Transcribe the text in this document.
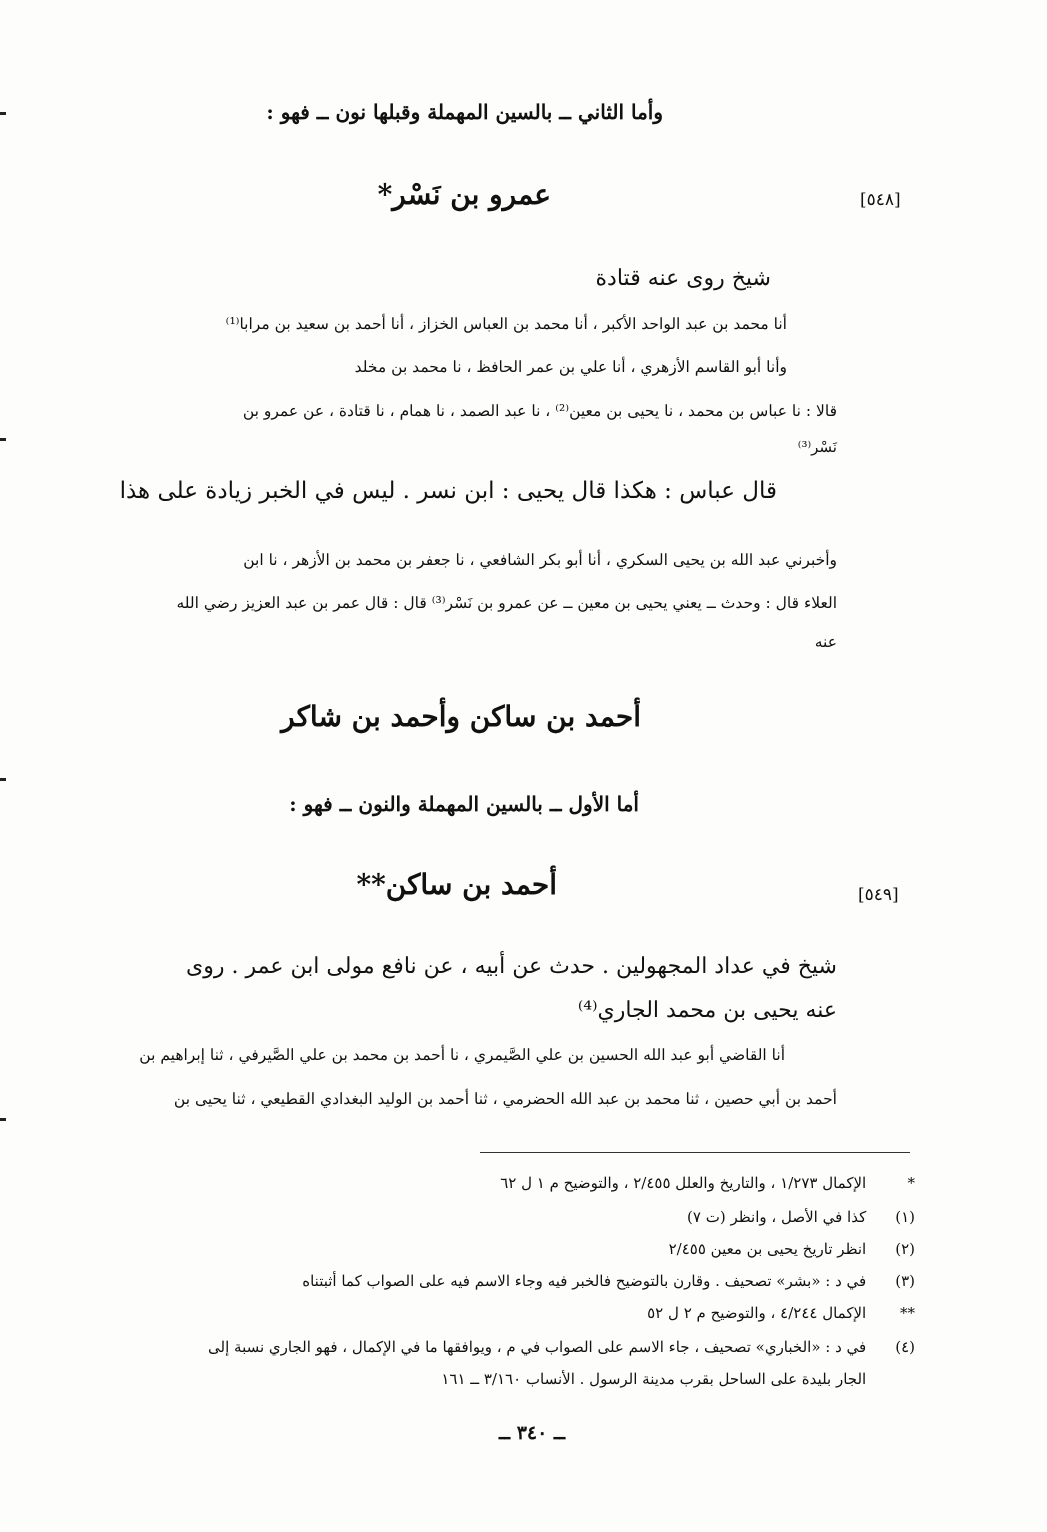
وأما الثاني ــ بالسين المهملة وقبلها نون ــ فهو :
[٥٤٨]
عمرو بن نَسْر*
شيخ روى عنه قتادة
أنا محمد بن عبد الواحد الأكبر ، أنا محمد بن العباس الخزاز ، أنا أحمد بن سعيد بن مرابا⁽¹⁾
وأنا أبو القاسم الأزهري ، أنا علي بن عمر الحافظ ، نا محمد بن مخلد
قالا : نا عباس بن محمد ، نا يحيى بن معين⁽²⁾ ، نا عبد الصمد ، نا همام ، نا قتادة ، عن عمرو بن
نَسْر⁽³⁾
قال عباس : هكذا قال يحيى : ابن نسر . ليس في الخبر زيادة على هذا
وأخبرني عبد الله بن يحيى السكري ، أنا أبو بكر الشافعي ، نا جعفر بن محمد بن الأزهر ، نا ابن
العلاء قال : وحدث ــ يعني يحيى بن معين ــ عن عمرو بن نَسْر⁽³⁾ قال : قال عمر بن عبد العزيز رضي الله
عنه
أحمد بن ساكن وأحمد بن شاكر
أما الأول ــ بالسين المهملة والنون ــ فهو :
[٥٤٩]
أحمد بن ساكن**
شيخ في عداد المجهولين . حدث عن أبيه ، عن نافع مولى ابن عمر . روى
عنه يحيى بن محمد الجاري⁽⁴⁾
أنا القاضي أبو عبد الله الحسين بن علي الصَّيمري ، نا أحمد بن محمد بن علي الصَّيرفي ، ثنا إبراهيم بن
أحمد بن أبي حصين ، ثنا محمد بن عبد الله الحضرمي ، ثنا أحمد بن الوليد البغدادي القطيعي ، ثنا يحيى بن
* الإكمال ١/٢٧٣ ، والتاريخ والعلل ٢/٤٥٥ ، والتوضيح م ١ ل ٦٢
(١) كذا في الأصل ، وانظر (ت ٧)
(٢) انظر تاريخ يحيى بن معين ٢/٤٥٥
(٣) في د : «بشر» تصحيف . وقارن بالتوضيح فالخبر فيه وجاء الاسم فيه على الصواب كما أثبتناه
** الإكمال ٤/٢٤٤ ، والتوضيح م ٢ ل ٥٢
(٤) في د : «الخباري» تصحيف ، جاء الاسم على الصواب في م ، ويوافقها ما في الإكمال ، فهو الجاري نسبة إلى
الجار بليدة على الساحل بقرب مدينة الرسول . الأنساب ٣/١٦٠ ــ ١٦١
ــ ٣٤٠ ــ
